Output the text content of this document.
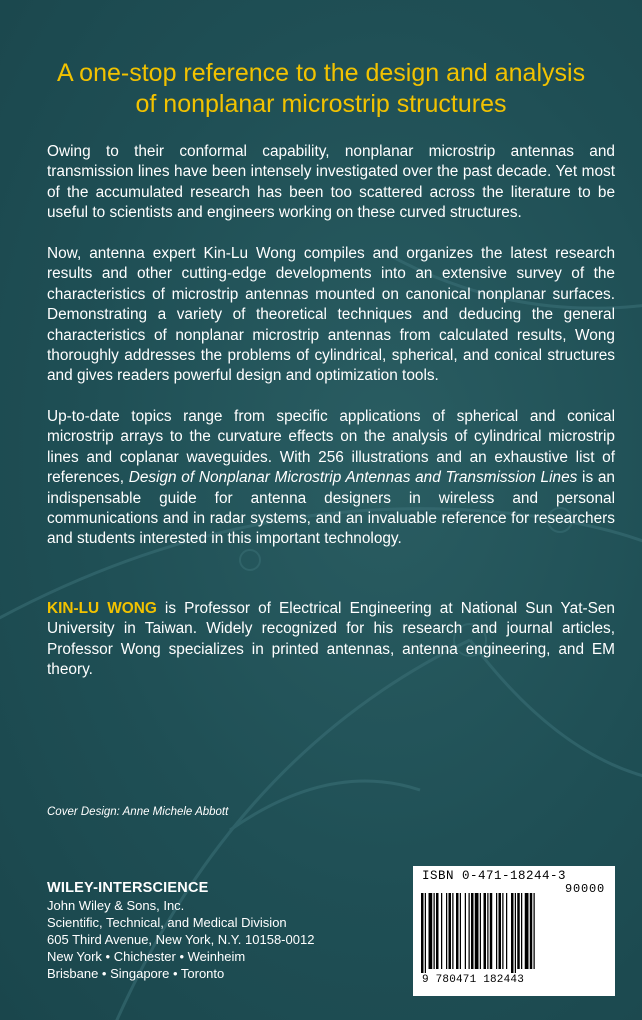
A one-stop reference to the design and analysis
of nonplanar microstrip structures

Owing to their conformal capability, nonplanar microstrip antennas and transmission lines have been intensely investigated over the past decade. Yet most of the accumulated research has been too scattered across the literature to be useful to scientists and engineers working on these curved structures.

Now, antenna expert Kin-Lu Wong compiles and organizes the latest research results and other cutting-edge developments into an extensive survey of the characteristics of microstrip antennas mounted on canonical nonplanar surfaces. Demonstrating a variety of theoretical techniques and deducing the general characteristics of nonplanar microstrip antennas from calculated results, Wong thoroughly addresses the problems of cylindrical, spherical, and conical structures and gives readers powerful design and optimization tools.

Up-to-date topics range from specific applications of spherical and conical microstrip arrays to the curvature effects on the analysis of cylindrical microstrip lines and coplanar waveguides. With 256 illustrations and an exhaustive list of references, Design of Nonplanar Microstrip Antennas and Transmission Lines is an indispensable guide for antenna designers in wireless and personal communications and in radar systems, and an invaluable reference for researchers and students interested in this important technology.

KIN-LU WONG is Professor of Electrical Engineering at National Sun Yat-Sen University in Taiwan. Widely recognized for his research and journal articles, Professor Wong specializes in printed antennas, antenna engineering, and EM theory.

Cover Design: Anne Michele Abbott
WILEY-INTERSCIENCE
John Wiley & Sons, Inc.
Scientific, Technical, and Medical Division
605 Third Avenue, New York, N.Y. 10158-0012
New York • Chichester • Weinheim
Brisbane • Singapore • Toronto
ISBN 0-471-18244-3
90000
9 780471 182443
